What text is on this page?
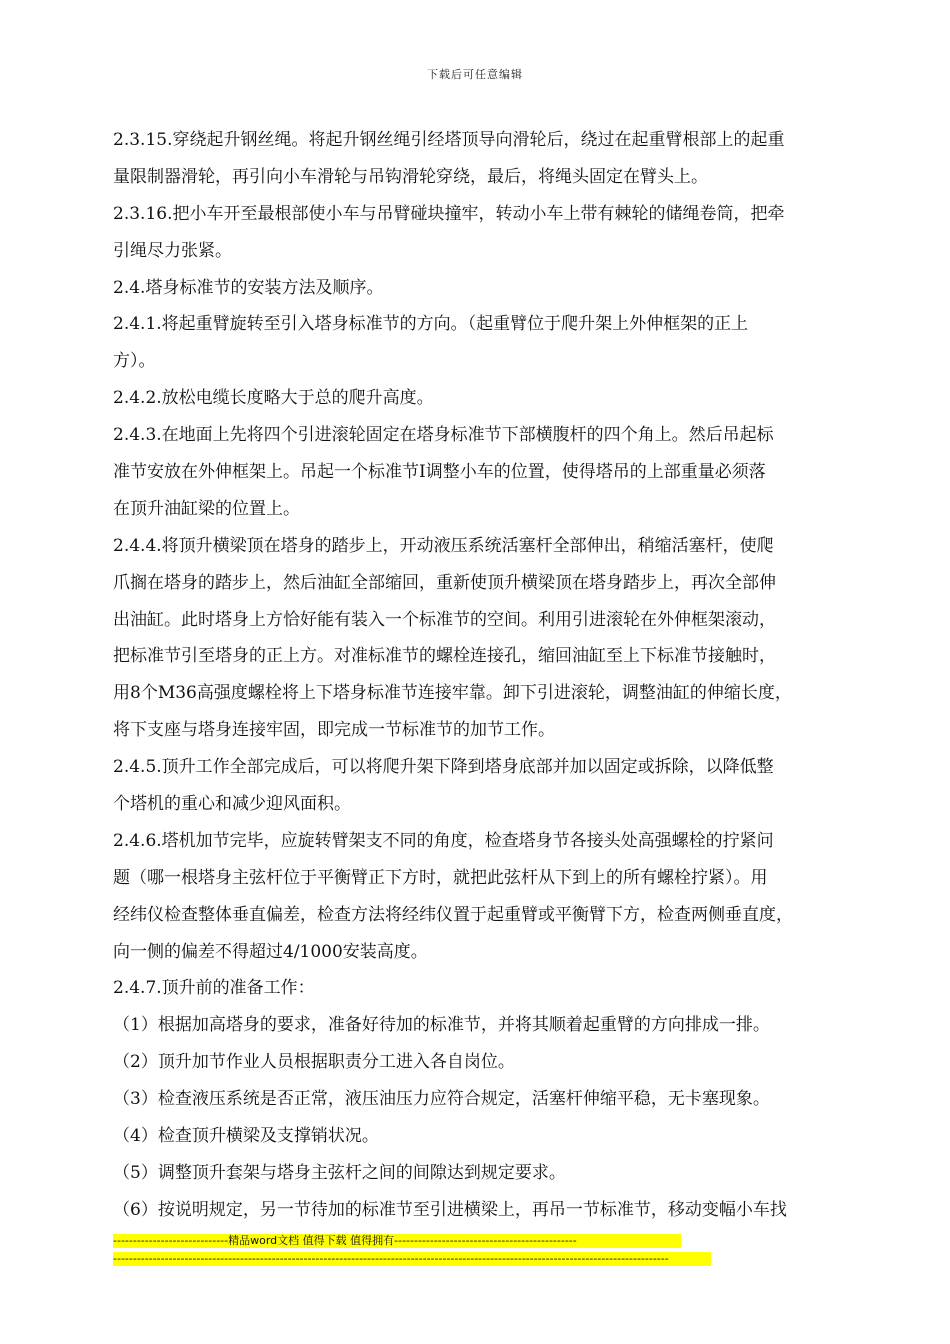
下载后可任意编辑
2.3.15.穿绕起升钢丝绳。将起升钢丝绳引经塔顶导向滑轮后，绕过在起重臂根部上的起重
量限制器滑轮，再引向小车滑轮与吊钩滑轮穿绕，最后，将绳头固定在臂头上。
2.3.16.把小车开至最根部使小车与吊臂碰块撞牢，转动小车上带有棘轮的储绳卷筒，把牵
引绳尽力张紧。
2.4.塔身标准节的安装方法及顺序。
2.4.1.将起重臂旋转至引入塔身标准节的方向。（起重臂位于爬升架上外伸框架的正上
方）。
2.4.2.放松电缆长度略大于总的爬升高度。
2.4.3.在地面上先将四个引进滚轮固定在塔身标准节下部横腹杆的四个角上。然后吊起标
准节安放在外伸框架上。吊起一个标准节Ⅰ调整小车的位置，使得塔吊的上部重量必须落
在顶升油缸梁的位置上。
2.4.4.将顶升横梁顶在塔身的踏步上，开动液压系统活塞杆全部伸出，稍缩活塞杆，使爬
爪搁在塔身的踏步上，然后油缸全部缩回，重新使顶升横梁顶在塔身踏步上，再次全部伸
出油缸。此时塔身上方恰好能有装入一个标准节的空间。利用引进滚轮在外伸框架滚动，
把标准节引至塔身的正上方。对准标准节的螺栓连接孔，缩回油缸至上下标准节接触时，
用8个M36高强度螺栓将上下塔身标准节连接牢靠。卸下引进滚轮，调整油缸的伸缩长度，
将下支座与塔身连接牢固，即完成一节标准节的加节工作。
2.4.5.顶升工作全部完成后，可以将爬升架下降到塔身底部并加以固定或拆除，以降低整
个塔机的重心和减少迎风面积。
2.4.6.塔机加节完毕，应旋转臂架支不同的角度，检查塔身节各接头处高强螺栓的拧紧问
题（哪一根塔身主弦杆位于平衡臂正下方时，就把此弦杆从下到上的所有螺栓拧紧）。用
经纬仪检查整体垂直偏差，检查方法将经纬仪置于起重臂或平衡臂下方，检查两侧垂直度，
向一侧的偏差不得超过4/1000安装高度。
2.4.7.顶升前的准备工作：
（1）根据加高塔身的要求，准备好待加的标准节，并将其顺着起重臂的方向排成一排。
（2）顶升加节作业人员根据职责分工进入各自岗位。
（3）检查液压系统是否正常，液压油压力应符合规定，活塞杆伸缩平稳，无卡塞现象。
（4）检查顶升横梁及支撑销状况。
（5）调整顶升套架与塔身主弦杆之间的间隙达到规定要求。
（6）按说明规定，另一节待加的标准节至引进横梁上，再吊一节标准节，移动变幅小车找
-----------------------------精品word文档 值得下载 值得拥有----------------------------------------------
--------------------------------------------------------------------------------------------------------------------------------------------
